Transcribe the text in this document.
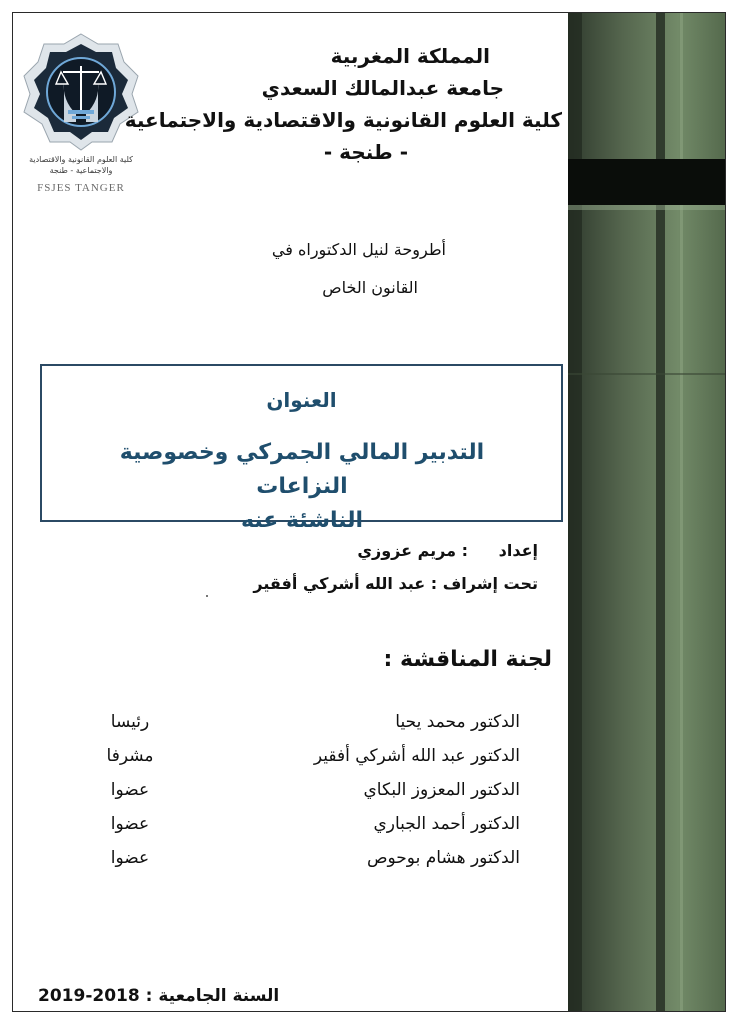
كلية العلوم القانونية والاقتصادية
والاجتماعية - طنجة
FSJES TANGER
المملكة المغربية
جامعة عبدالمالك السعدي
كلية العلوم القانونية والاقتصادية والاجتماعية
- طنجة -
أطروحة لنيل الدكتوراه في
القانون الخاص
العنوان
التدبير المالي الجمركي وخصوصية النزاعات
الناشئة عنه
إعداد
: مريم عزوزي
تحت إشراف : عبد الله أشركي أفقير
لجنة المناقشة :
الدكتور محمد يحيا
رئيسا
الدكتور عبد الله أشركي أفقير
مشرفا
الدكتور المعزوز البكاي
عضوا
الدكتور أحمد الجباري
عضوا
الدكتور هشام بوحوص
عضوا
السنة الجامعية : 2018-2019
